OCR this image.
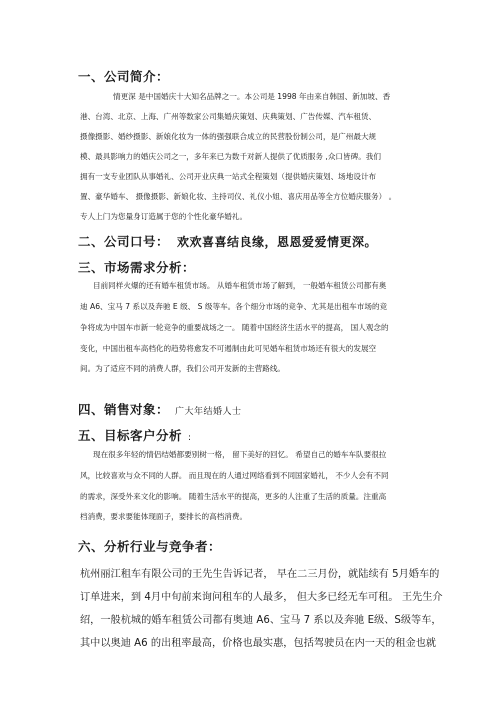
一、公司简介：
情更深 是中国婚庆十大知名品牌之一。本公司是 1998 年由来自韩国、新加坡、香
港、台湾、北京、上海、广州等数家公司集婚庆策划、庆典策划、广告传媒、汽车租赁、
摄像摄影、婚纱摄影、新娘化妆为一体的强强联合成立的民营股份制公司，是广州最大规
模、最具影响力的婚庆公司之一，多年来已为数千对新人提供了优质服务 ,众口皆碑。我们
拥有一支专业团队从事婚礼、公司开业庆典一站式全程策划（提供婚庆策划、场地设计布
置、豪华婚车、 摄像摄影、新娘化妆、主持司仪、礼仪小姐、喜庆用品等全方位婚庆服务） 。
专人上门为您量身订造属于您的个性化豪华婚礼。
二、公司口号： 欢欢喜喜结良缘，恩恩爱爱情更深。
三、市场需求分析：
目前同样火爆的还有婚车租赁市场。 从婚车租赁市场了解到， 一般婚车租赁公司都有奥
迪 A6、宝马 7 系以及奔驰 E 级、 S 级等车。各个细分市场的竞争、尤其是出租车市场的竞
争将成为中国车市新一轮竞争的重要战场之一。 随着中国经济生活水平的提高， 国人观念的
变化，中国出租车高档化的趋势将愈发不可遏制由此可见婚车租赁市场还有很大的发展空
间。为了适应不同的消费人群，我们公司开发新的主营路线。
四、销售对象： 广大年结婚人士
五、目标客户分析 :
现在很多年轻的情侣结婚都要别树一格， 留下美好的回忆。 希望自己的婚车车队要很拉
风，比较喜欢与众不同的人群。 而且现在的人通过网络看到不同国家婚礼， 不少人会有不同
的需求，深受外来文化的影响。 随着生活水平的提高，更多的人注重了生活的质量。注重高
档消费，要求要能体现面子，要排长的高档消费。
六、分析行业与竞争者：
杭州丽江租车有限公司的王先生告诉记者， 早在二三月份，就陆续有 5月婚车的
订单进来，到 4月中旬前来询问租车的人最多， 但大多已经无车可租。 王先生介
绍，一般杭城的婚车租赁公司都有奥迪 A6、宝马 7 系以及奔驰 E级、S级等车，
其中以奥迪 A6 的出租率最高，价格也最实惠，包括驾驶员在内一天的租金也就
